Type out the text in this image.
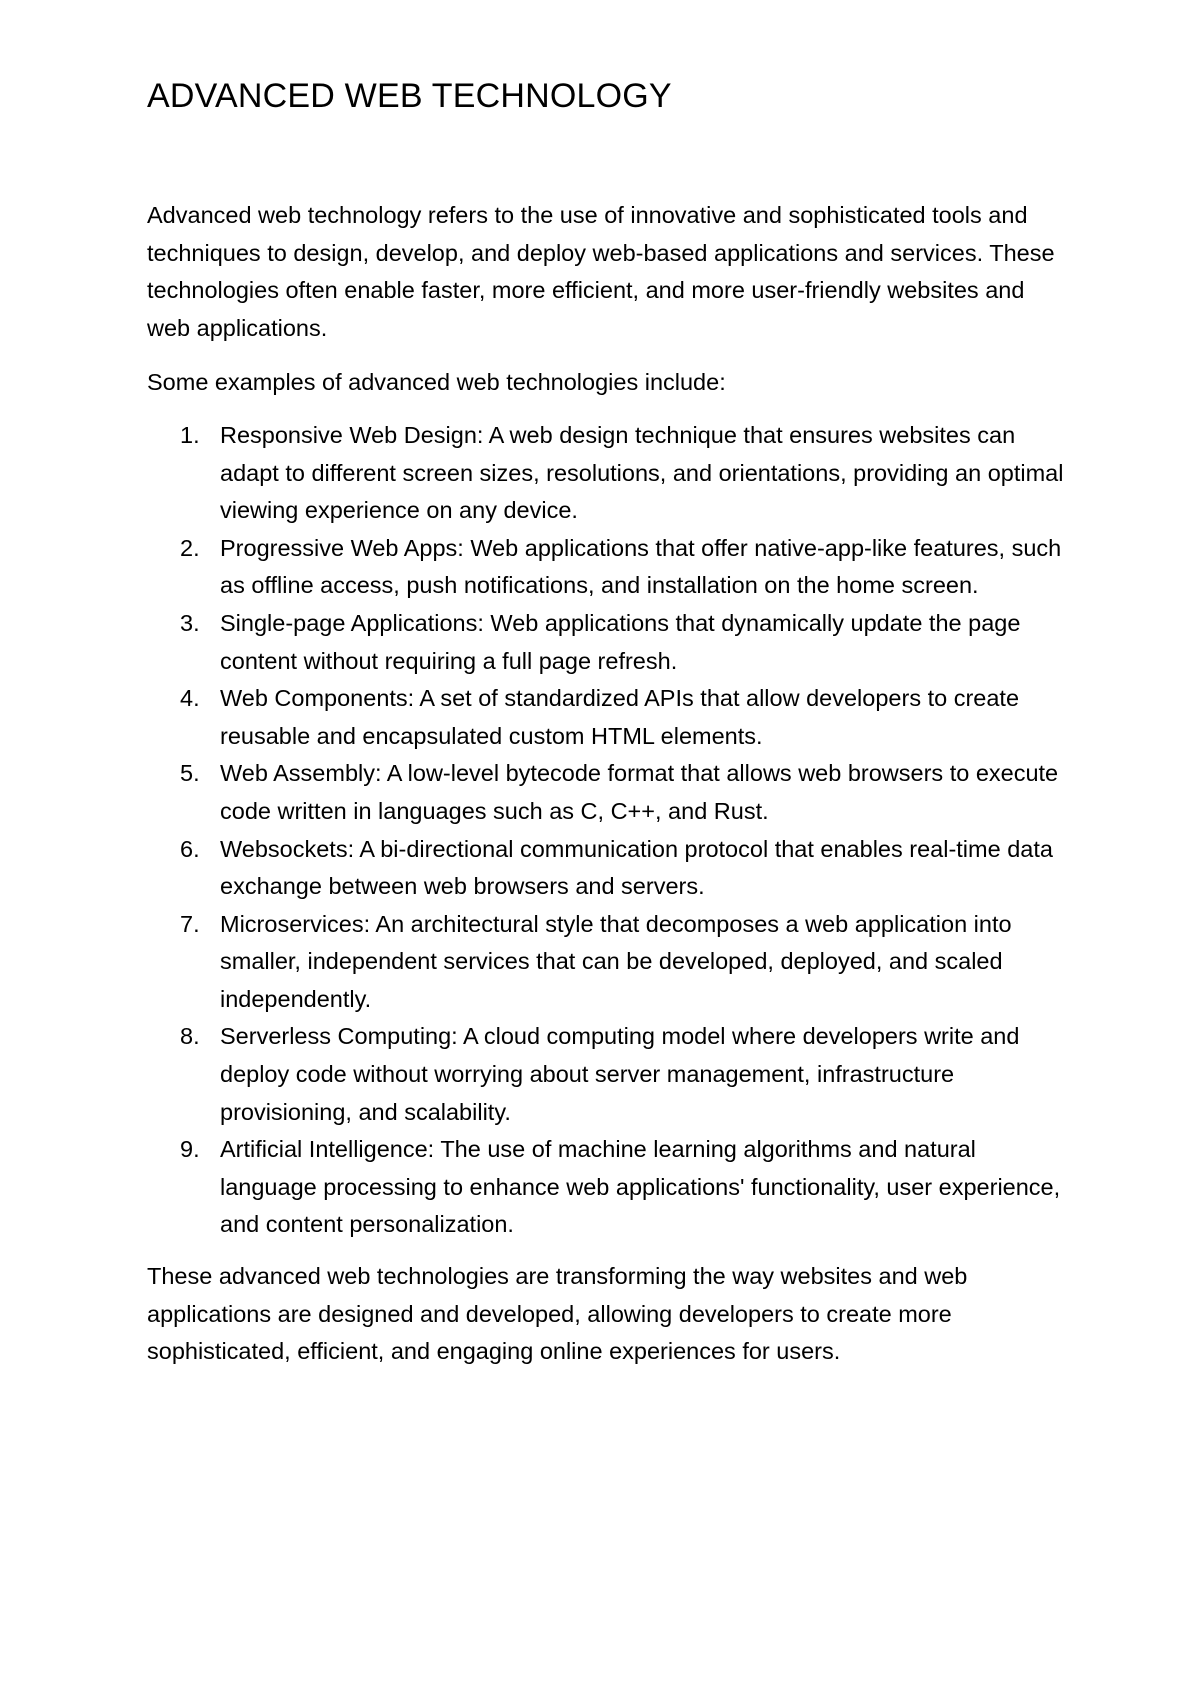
ADVANCED WEB TECHNOLOGY

Advanced web technology refers to the use of innovative and sophisticated tools and techniques to design, develop, and deploy web-based applications and services. These technologies often enable faster, more efficient, and more user-friendly websites and web applications.

Some examples of advanced web technologies include:

1. Responsive Web Design: A web design technique that ensures websites can adapt to different screen sizes, resolutions, and orientations, providing an optimal viewing experience on any device.
2. Progressive Web Apps: Web applications that offer native-app-like features, such as offline access, push notifications, and installation on the home screen.
3. Single-page Applications: Web applications that dynamically update the page content without requiring a full page refresh.
4. Web Components: A set of standardized APIs that allow developers to create reusable and encapsulated custom HTML elements.
5. Web Assembly: A low-level bytecode format that allows web browsers to execute code written in languages such as C, C++, and Rust.
6. Websockets: A bi-directional communication protocol that enables real-time data exchange between web browsers and servers.
7. Microservices: An architectural style that decomposes a web application into smaller, independent services that can be developed, deployed, and scaled independently.
8. Serverless Computing: A cloud computing model where developers write and deploy code without worrying about server management, infrastructure provisioning, and scalability.
9. Artificial Intelligence: The use of machine learning algorithms and natural language processing to enhance web applications' functionality, user experience, and content personalization.

These advanced web technologies are transforming the way websites and web applications are designed and developed, allowing developers to create more sophisticated, efficient, and engaging online experiences for users.
